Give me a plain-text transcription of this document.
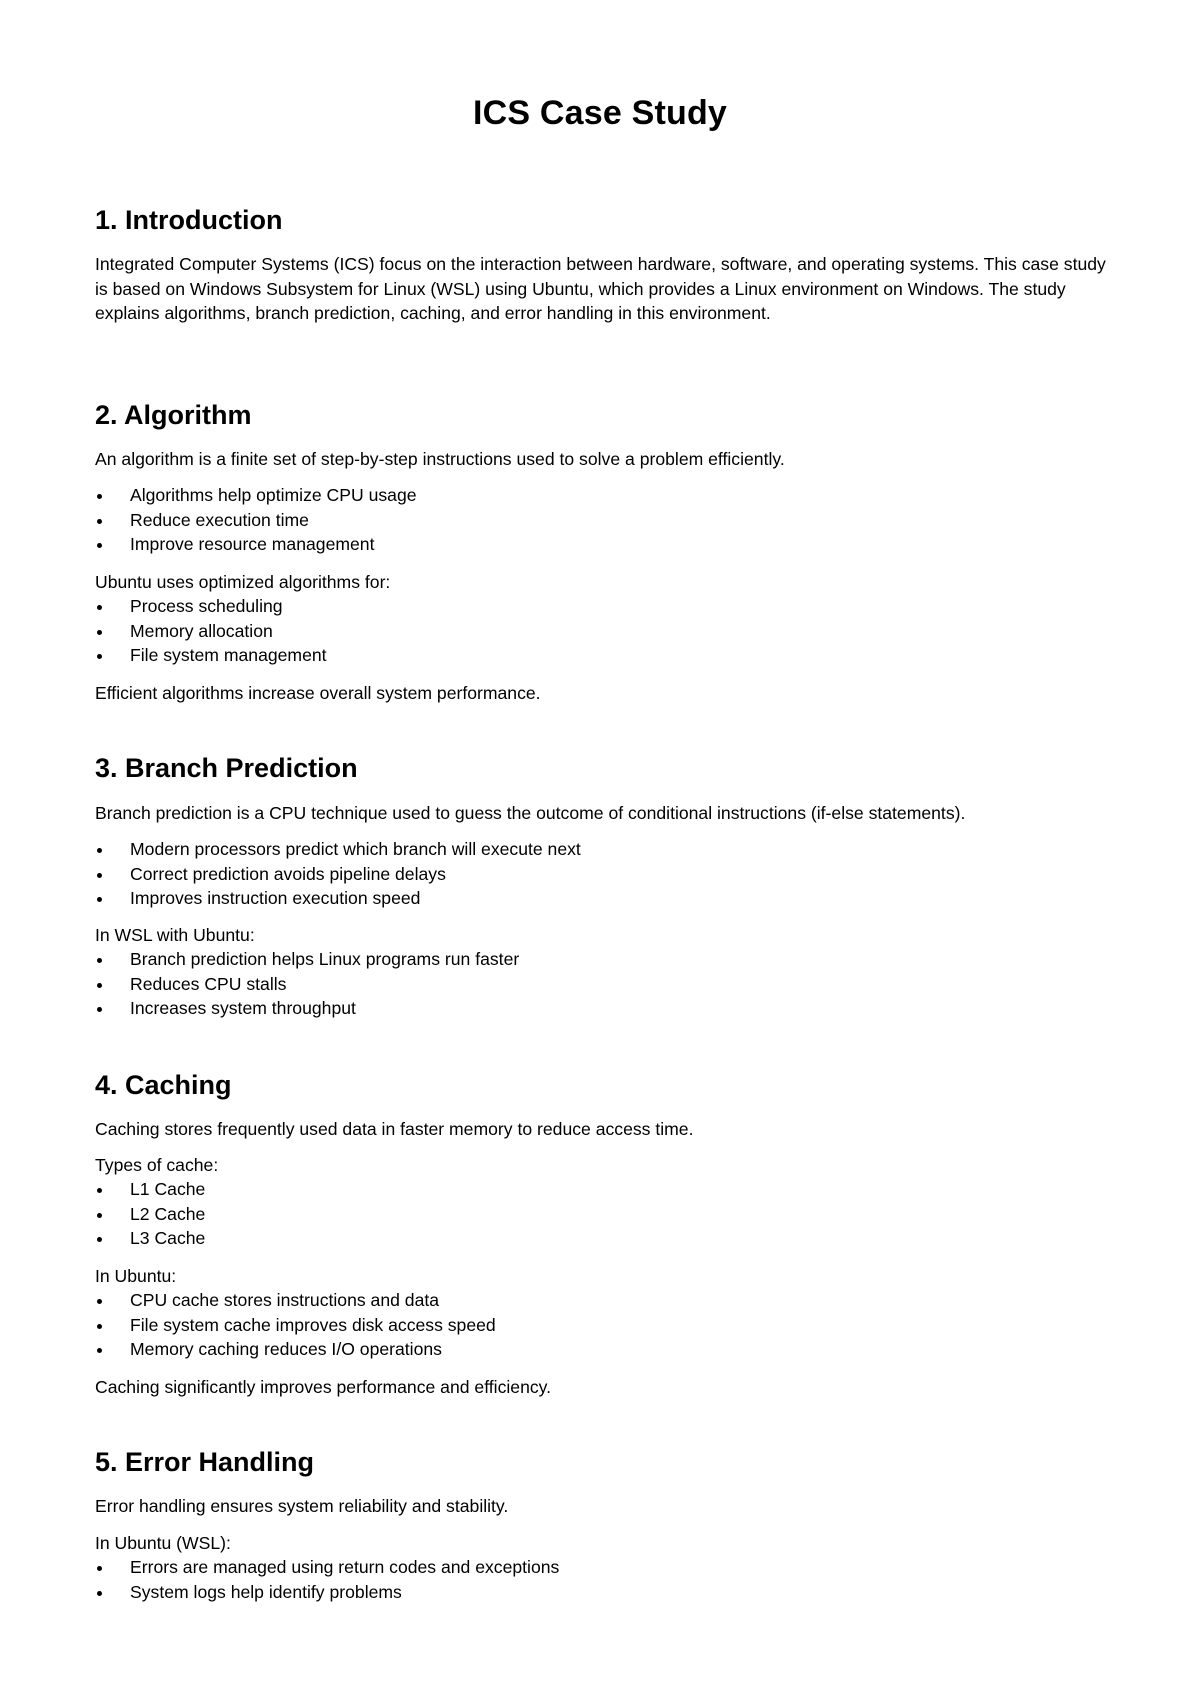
ICS Case Study
1. Introduction

Integrated Computer Systems (ICS) focus on the interaction between hardware, software, and operating systems. This case study is based on Windows Subsystem for Linux (WSL) using Ubuntu, which provides a Linux environment on Windows. The study explains algorithms, branch prediction, caching, and error handling in this environment.

2. Algorithm

An algorithm is a finite set of step-by-step instructions used to solve a problem efficiently.

Algorithms help optimize CPU usage
Reduce execution time
Improve resource management

Ubuntu uses optimized algorithms for:

Process scheduling
Memory allocation
File system management

Efficient algorithms increase overall system performance.

3. Branch Prediction

Branch prediction is a CPU technique used to guess the outcome of conditional instructions (if-else statements).

Modern processors predict which branch will execute next
Correct prediction avoids pipeline delays
Improves instruction execution speed

In WSL with Ubuntu:

Branch prediction helps Linux programs run faster
Reduces CPU stalls
Increases system throughput
4. Caching

Caching stores frequently used data in faster memory to reduce access time.

Types of cache:

L1 Cache
L2 Cache
L3 Cache

In Ubuntu:

CPU cache stores instructions and data
File system cache improves disk access speed
Memory caching reduces I/O operations

Caching significantly improves performance and efficiency.

5. Error Handling

Error handling ensures system reliability and stability.

In Ubuntu (WSL):

Errors are managed using return codes and exceptions
System logs help identify problems
